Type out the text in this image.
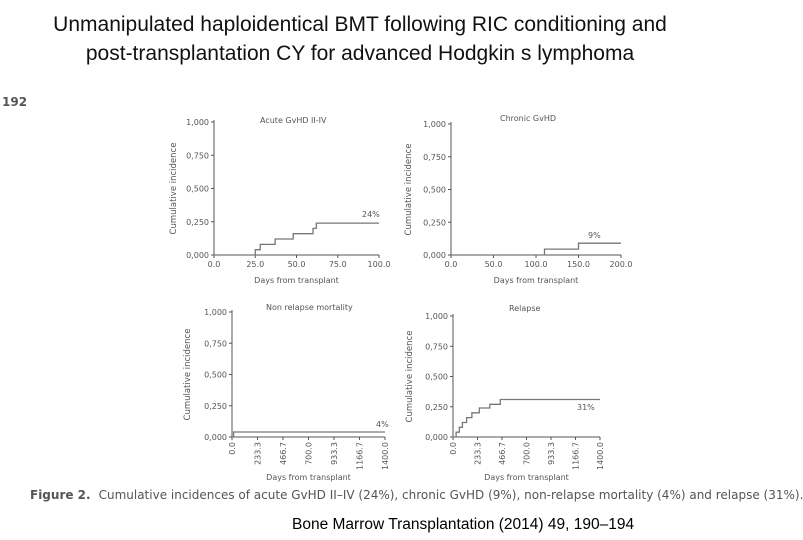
Unmanipulated haploidentical BMT following RIC conditioning and post-transplantation CY for advanced Hodgkin s lymphoma
192
0,000
0,250
0,500
0,750
1,000
0.0	25.0	50.0	75.0	100.0
Days from transplant
Cumulative incidence
Acute GvHD II-IV
24%
0,000
0,250
0,500
0,750
1,000
0.0	50.0	100.0 150.0 200.0
Days from transplant
Cumulative incidence
Chronic GvHD
9%
0,000
0,250
0,500
0,750
1,000
0.0 233.3 466.7 700.0 933.3 1166.7 1400.0
Days from transplant
Cumulative incidence
Non relapse mortality
4%
0,000
0,250
0,500
0,750
1,000
0.0 233.3 466.7 700.0 933.3 1166.7 1400.0
Days from transplant
Cumulative incidence
Relapse
31%
Figure 2. Cumulative incidences of acute GvHD II–IV (24%), chronic GvHD (9%), non-relapse mortality (4%) and relapse (31%).
Bone Marrow Transplantation (2014) 49, 190–194
